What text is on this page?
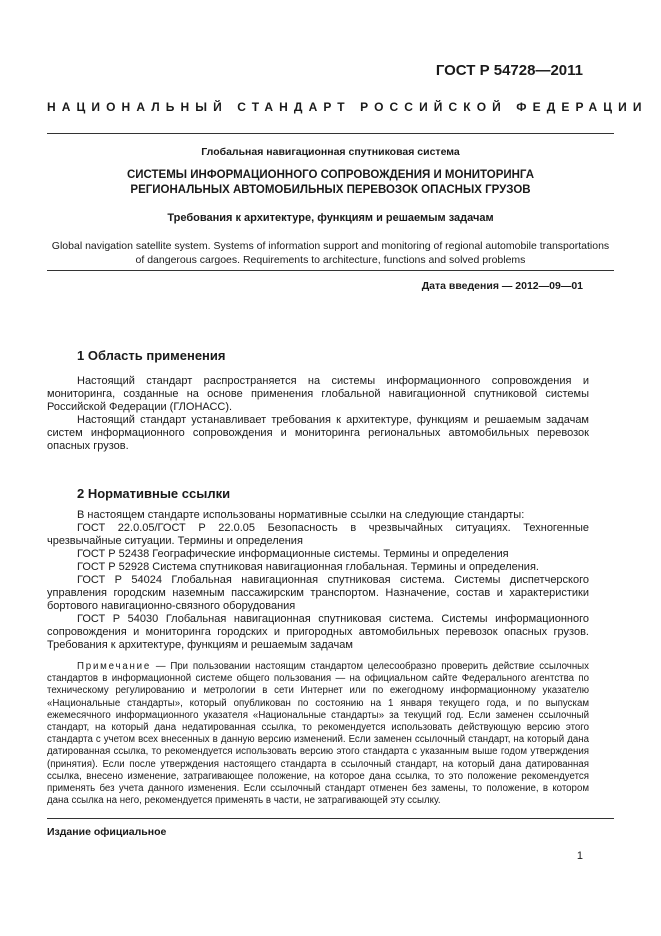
ГОСТ Р 54728—2011
НАЦИОНАЛЬНЫЙ СТАНДАРТ РОССИЙСКОЙ ФЕДЕРАЦИИ
Глобальная навигационная спутниковая система
СИСТЕМЫ ИНФОРМАЦИОННОГО СОПРОВОЖДЕНИЯ И МОНИТОРИНГА
РЕГИОНАЛЬНЫХ АВТОМОБИЛЬНЫХ ПЕРЕВОЗОК ОПАСНЫХ ГРУЗОВ
Требования к архитектуре, функциям и решаемым задачам
Global navigation satellite system. Systems of information support and monitoring of regional automobile transportations
of dangerous cargoes. Requirements to architecture, functions and solved problems
Дата введения — 2012—09—01
1 Область применения

Настоящий стандарт распространяется на системы информационного сопровождения и мониторинга, созданные на основе применения глобальной навигационной спутниковой системы Российской Федерации (ГЛОНАСС).

Настоящий стандарт устанавливает требования к архитектуре, функциям и решаемым задачам систем информационного сопровождения и мониторинга региональных автомобильных перевозок опасных грузов.

2 Нормативные ссылки

В настоящем стандарте использованы нормативные ссылки на следующие стандарты:

ГОСТ 22.0.05/ГОСТ Р 22.0.05 Безопасность в чрезвычайных ситуациях. Техногенные чрезвычайные ситуации. Термины и определения

ГОСТ Р 52438 Географические информационные системы. Термины и определения

ГОСТ Р 52928 Система спутниковая навигационная глобальная. Термины и определения.

ГОСТ Р 54024 Глобальная навигационная спутниковая система. Системы диспетчерского управления городским наземным пассажирским транспортом. Назначение, состав и характеристики бортового навигационно-связного оборудования

ГОСТ Р 54030 Глобальная навигационная спутниковая система. Системы информационного сопровождения и мониторинга городских и пригородных автомобильных перевозок опасных грузов. Требования к архитектуре, функциям и решаемым задачам

Примечание — При пользовании настоящим стандартом целесообразно проверить действие ссылочных стандартов в информационной системе общего пользования — на официальном сайте Федерального агентства по техническому регулированию и метрологии в сети Интернет или по ежегодному информационному указателю «Национальные стандарты», который опубликован по состоянию на 1 января текущего года, и по выпускам ежемесячного информационного указателя «Национальные стандарты» за текущий год. Если заменен ссылочный стандарт, на который дана недатированная ссылка, то рекомендуется использовать действующую версию этого стандарта с учетом всех внесенных в данную версию изменений. Если заменен ссылочный стандарт, на который дана датированная ссылка, то рекомендуется использовать версию этого стандарта с указанным выше годом утверждения (принятия). Если после утверждения настоящего стандарта в ссылочный стандарт, на который дана датированная ссылка, внесено изменение, затрагивающее положение, на которое дана ссылка, то это положение рекомендуется применять без учета данного изменения. Если ссылочный стандарт отменен без замены, то положение, в котором дана ссылка на него, рекомендуется применять в части, не затрагивающей эту ссылку.

Издание официальное
1
